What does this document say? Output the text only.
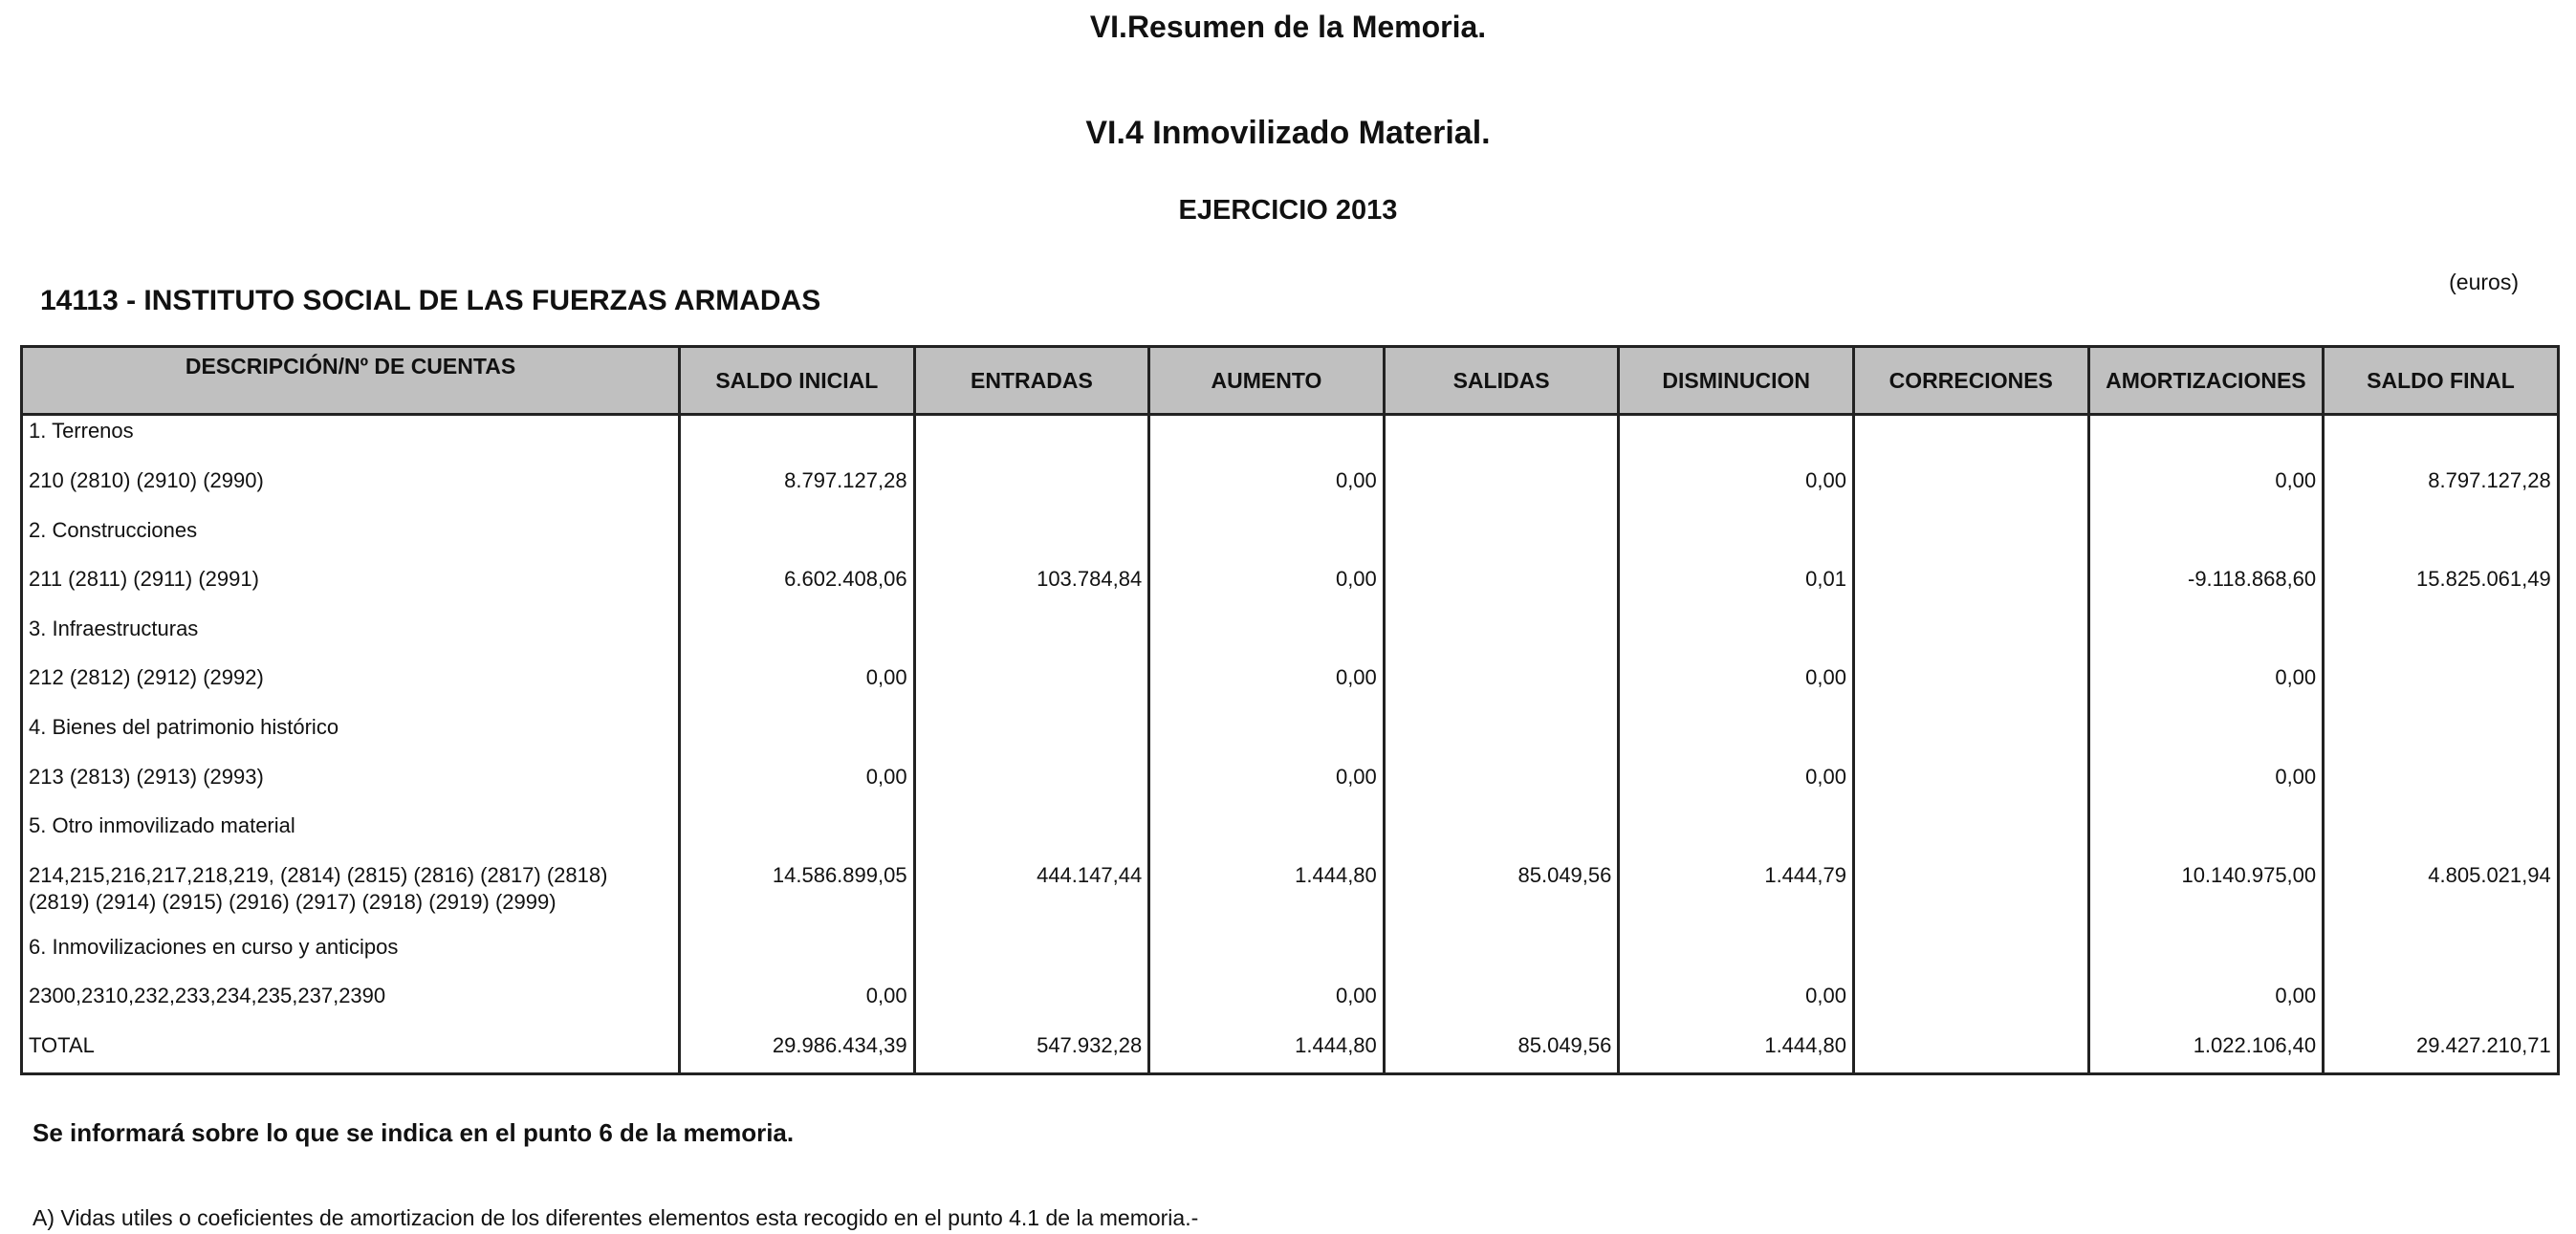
VI.Resumen de la Memoria.
VI.4 Inmovilizado Material.
EJERCICIO 2013
(euros)
14113 - INSTITUTO SOCIAL DE LAS FUERZAS ARMADAS
DESCRIPCIÓN/Nº DE CUENTAS	SALDO INICIAL	ENTRADAS	AUMENTO	SALIDAS	DISMINUCION	CORRECIONES	AMORTIZACIONES	SALDO FINAL
1. Terrenos								
210 (2810) (2910) (2990)	8.797.127,28		0,00		0,00		0,00	8.797.127,28
2. Construcciones								
211 (2811) (2911) (2991)	6.602.408,06	103.784,84	0,00		0,01		-9.118.868,60	15.825.061,49
3. Infraestructuras								
212 (2812) (2912) (2992)	0,00		0,00		0,00		0,00	
4. Bienes del patrimonio histórico								
213 (2813) (2913) (2993)	0,00		0,00		0,00		0,00	
5. Otro inmovilizado material								

214,215,216,217,218,219, (2814) (2815) (2816) (2817) (2818)
(2819) (2914) (2915) (2916) (2917) (2918) (2919) (2999)	14.586.899,05	444.147,44	1.444,80	85.049,56	1.444,79		10.140.975,00	4.805.021,94
6. Inmovilizaciones en curso y anticipos								
2300,2310,232,233,234,235,237,2390	0,00		0,00		0,00		0,00	
TOTAL	29.986.434,39	547.932,28	1.444,80	85.049,56	1.444,80		1.022.106,40	29.427.210,71

Se informará sobre lo que se indica en el punto 6 de la memoria.

A) Vidas utiles o coeficientes de amortizacion de los diferentes elementos esta recogido en el punto 4.1 de la memoria.-
